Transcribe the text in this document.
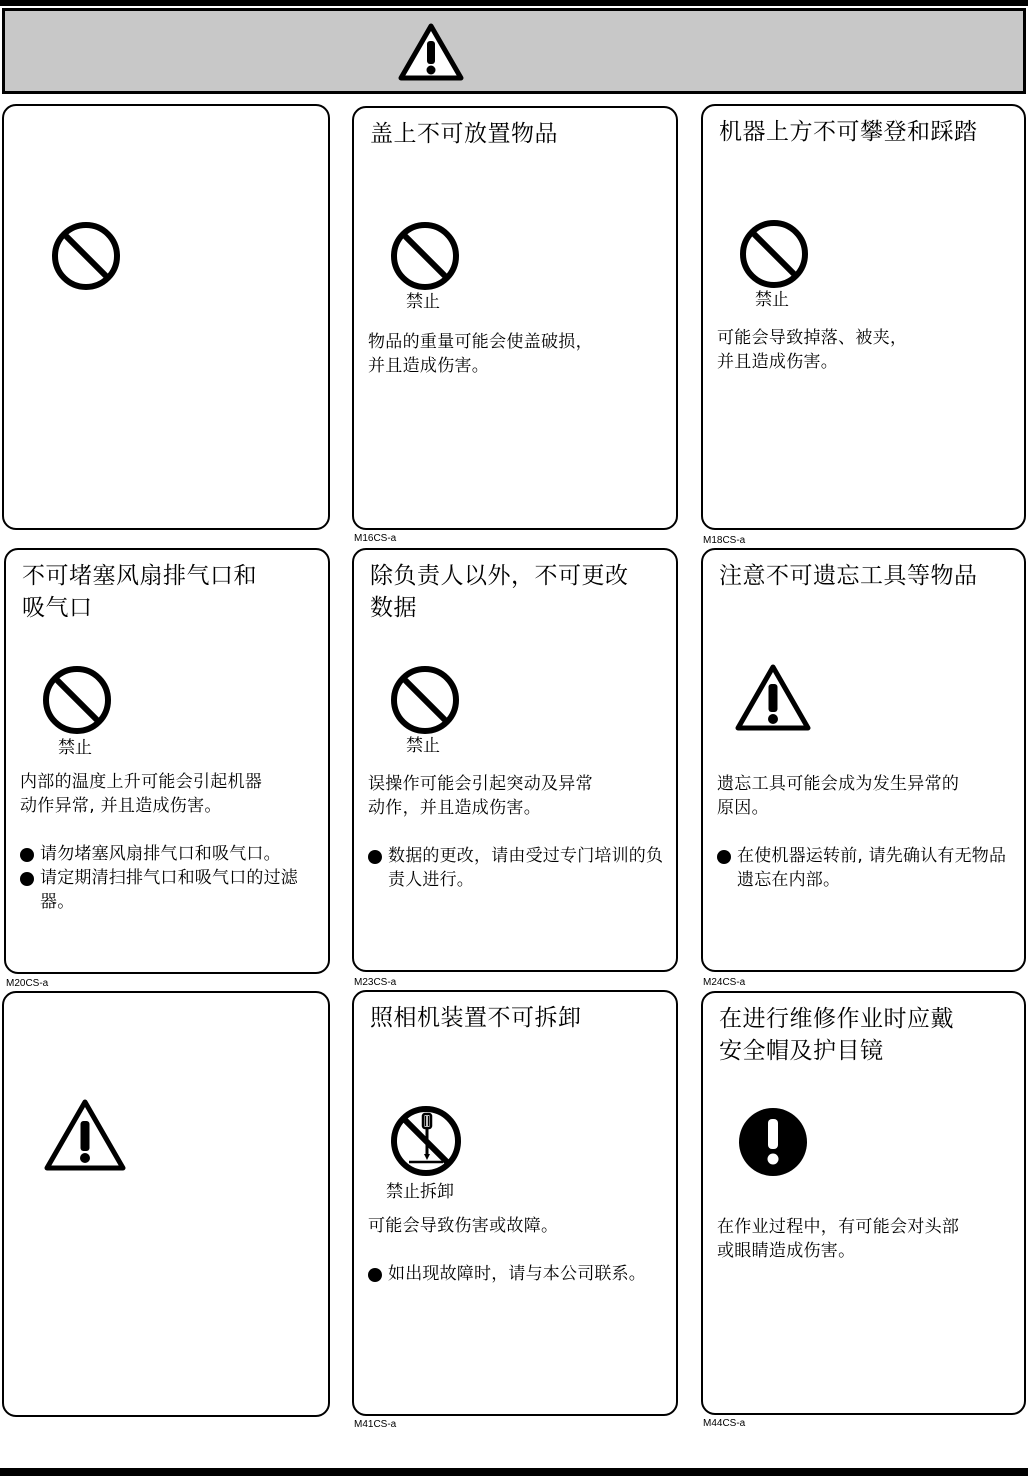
盖上不可放置物品
禁止
物品的重量可能会使盖破损，
并且造成伤害。
M16CS-a
机器上方不可攀登和踩踏
禁止
可能会导致掉落、被夹，
并且造成伤害。
M18CS-a
不可堵塞风扇排气口和
吸气口
禁止
内部的温度上升可能会引起机器
动作异常, 并且造成伤害。
请勿堵塞风扇排气口和吸气口。
请定期清扫排气口和吸气口的过滤器。
M20CS-a
除负责人以外，不可更改
数据
禁止
误操作可能会引起突动及异常
动作，并且造成伤害。
数据的更改，请由受过专门培训的负责人进行。
M23CS-a
注意不可遗忘工具等物品
遗忘工具可能会成为发生异常的
原因。
在使机器运转前, 请先确认有无物品遗忘在内部。
M24CS-a
照相机装置不可拆卸
禁止拆卸
可能会导致伤害或故障。
如出现故障时，请与本公司联系。
M41CS-a
在进行维修作业时应戴
安全帽及护目镜
在作业过程中，有可能会对头部
或眼睛造成伤害。
M44CS-a
